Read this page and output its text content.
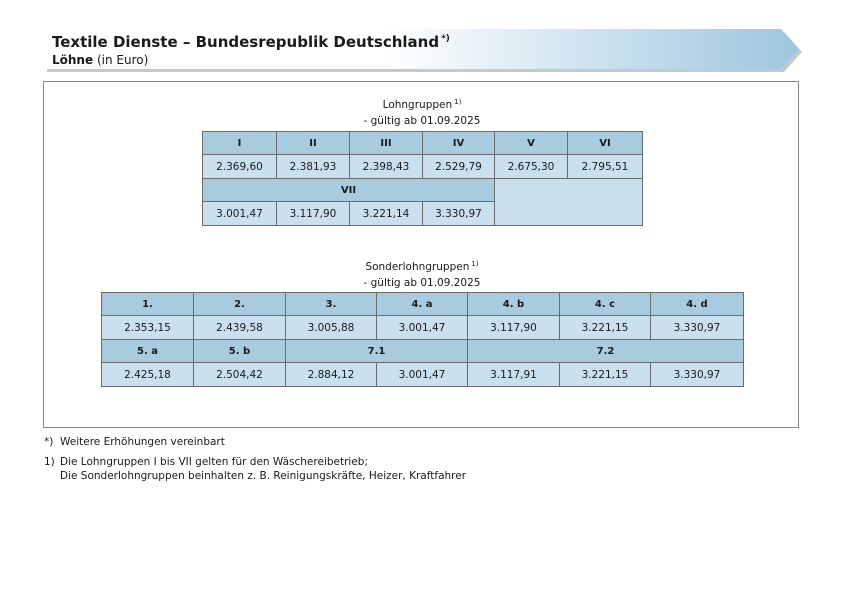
Textile Dienste – Bundesrepublik Deutschland *)
Löhne (in Euro)
Lohngruppen $^{1)}$
- gültig ab 01.09.2025
I	II	III	IV	V	VI
2.369,60	2.381,93	2.398,43	2.529,79	2.675,30	2.795,51
VII					
3.001,47	3.117,90	3.221,14	3.330,97		
Sonderlohngruppen $^{1)}$
- gültig ab 01.09.2025
1.	2.	3.	4. a	4. b	4. c	4. d
2.353,15	2.439,58	3.005,88	3.001,47	3.117,90	3.221,15	3.330,97
5. a	5. b	7.1		7.2		
2.425,18	2.504,42	2.884,12	3.001,47	3.117,91	3.221,15	3.330,97
*) Weitere Erhöhungen vereinbart
1) Die Lohngruppen I bis VII gelten für den Wäschereibetrieb;
Die Sonderlohngruppen beinhalten z. B. Reinigungskräfte, Heizer, Kraftfahrer
